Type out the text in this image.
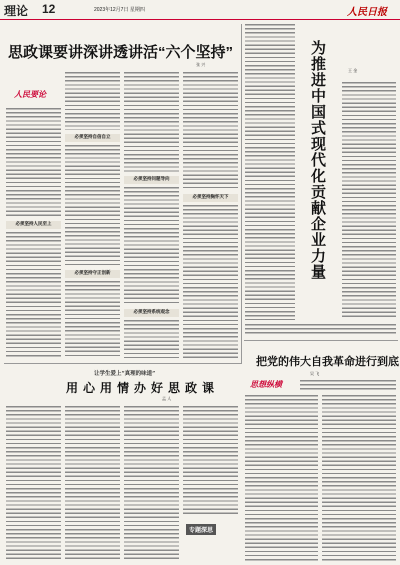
理论 12	2023年12月7日 星期四	人民日报
思政课要讲深讲透讲活“六个坚持”
张 兴
人民要论
必须坚持人民至上
必须坚持自信自立
必须坚持守正创新
必须坚持问题导向
必须坚持系统观念
必须坚持胸怀天下
让学生爱上“真理的味道”
用心用情办好思政课
孟 人
专题深思
为推进中国式现代化贡献企业力量	王 金
把党的伟大自我革命进行到底
吴 飞
思想纵横
